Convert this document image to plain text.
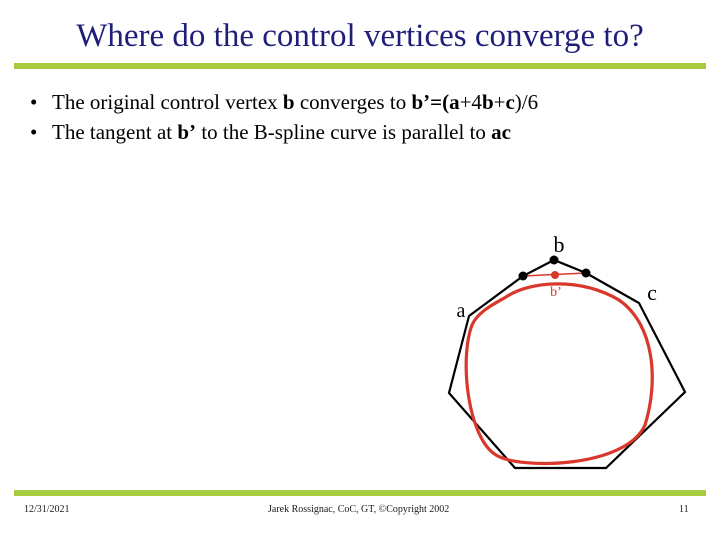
Where do the control vertices converge to?
• The original control vertex b converges to b’=(a+4b+c)/6
• The tangent at b’ to the B-spline curve is parallel to ac
b
b’
a
c
12/31/2021	Jarek Rossignac, CoC, GT, ©Copyright 2002	11
